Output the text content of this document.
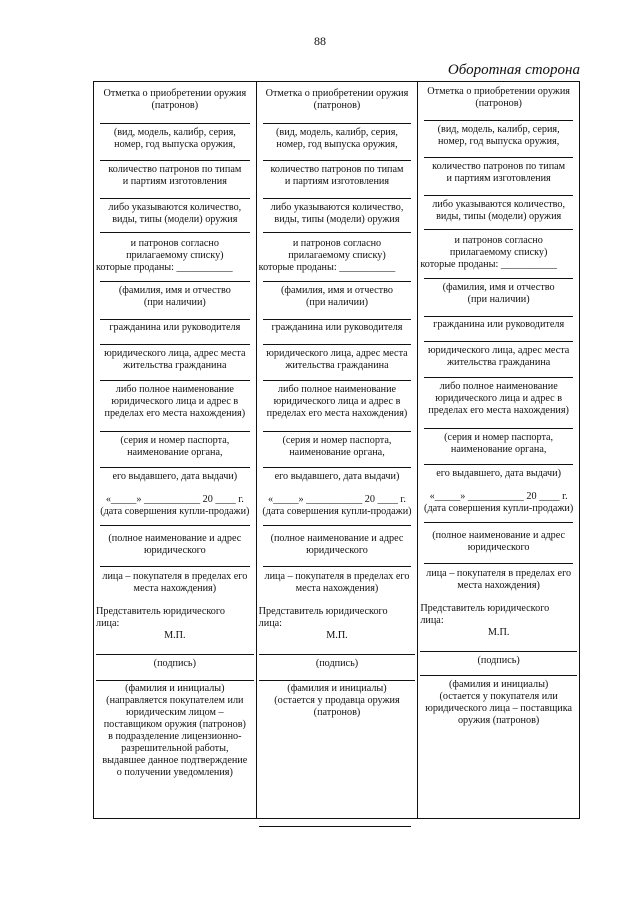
88
Оборотная сторона
Отметка о приобретении оружия
(патронов)
(вид, модель, калибр, серия,
номер, год выпуска оружия,
количество патронов по типам
и партиям изготовления
либо указываются количество,
виды, типы (модели) оружия
и патронов согласно
прилагаемому списку)
которые проданы: ___________
(фамилия, имя и отчество
(при наличии)
гражданина или руководителя
юридического лица, адрес места
жительства гражданина
либо полное наименование
юридического лица и адрес в
пределах его места нахождения)
(серия и номер паспорта,
наименование органа,
его выдавшего, дата выдачи)
«_____» ___________ 20 ____ г.
(дата совершения купли-продажи)
(полное наименование и адрес
юридического
лица – покупателя в пределах его
места нахождения)
Представитель юридического
лица:
М.П.
(подпись)
(фамилия и инициалы)
(направляется покупателем или
юридическим лицом –
поставщиком оружия (патронов)
в подразделение лицензионно-
разрешительной работы,
выдавшее данное подтверждение
о получении уведомления)
Отметка о приобретении оружия
(патронов)
(вид, модель, калибр, серия,
номер, год выпуска оружия,
количество патронов по типам
и партиям изготовления
либо указываются количество,
виды, типы (модели) оружия
и патронов согласно
прилагаемому списку)
которые проданы: ___________
(фамилия, имя и отчество
(при наличии)
гражданина или руководителя
юридического лица, адрес места
жительства гражданина
либо полное наименование
юридического лица и адрес в
пределах его места нахождения)
(серия и номер паспорта,
наименование органа,
его выдавшего, дата выдачи)
«_____» ___________ 20 ____ г.
(дата совершения купли-продажи)
(полное наименование и адрес
юридического
лица – покупателя в пределах его
места нахождения)
Представитель юридического
лица:
М.П.
(подпись)
(фамилия и инициалы)
(остается у продавца оружия
(патронов)
Отметка о приобретении оружия
(патронов)
(вид, модель, калибр, серия,
номер, год выпуска оружия,
количество патронов по типам
и партиям изготовления
либо указываются количество,
виды, типы (модели) оружия
и патронов согласно
прилагаемому списку)
которые проданы: ___________
(фамилия, имя и отчество
(при наличии)
гражданина или руководителя
юридического лица, адрес места
жительства гражданина
либо полное наименование
юридического лица и адрес в
пределах его места нахождения)
(серия и номер паспорта,
наименование органа,
его выдавшего, дата выдачи)
«_____» ___________ 20 ____ г.
(дата совершения купли-продажи)
(полное наименование и адрес
юридического
лица – покупателя в пределах его
места нахождения)
Представитель юридического
лица:
М.П.
(подпись)
(фамилия и инициалы)
(остается у покупателя или
юридического лица – поставщика
оружия (патронов)
